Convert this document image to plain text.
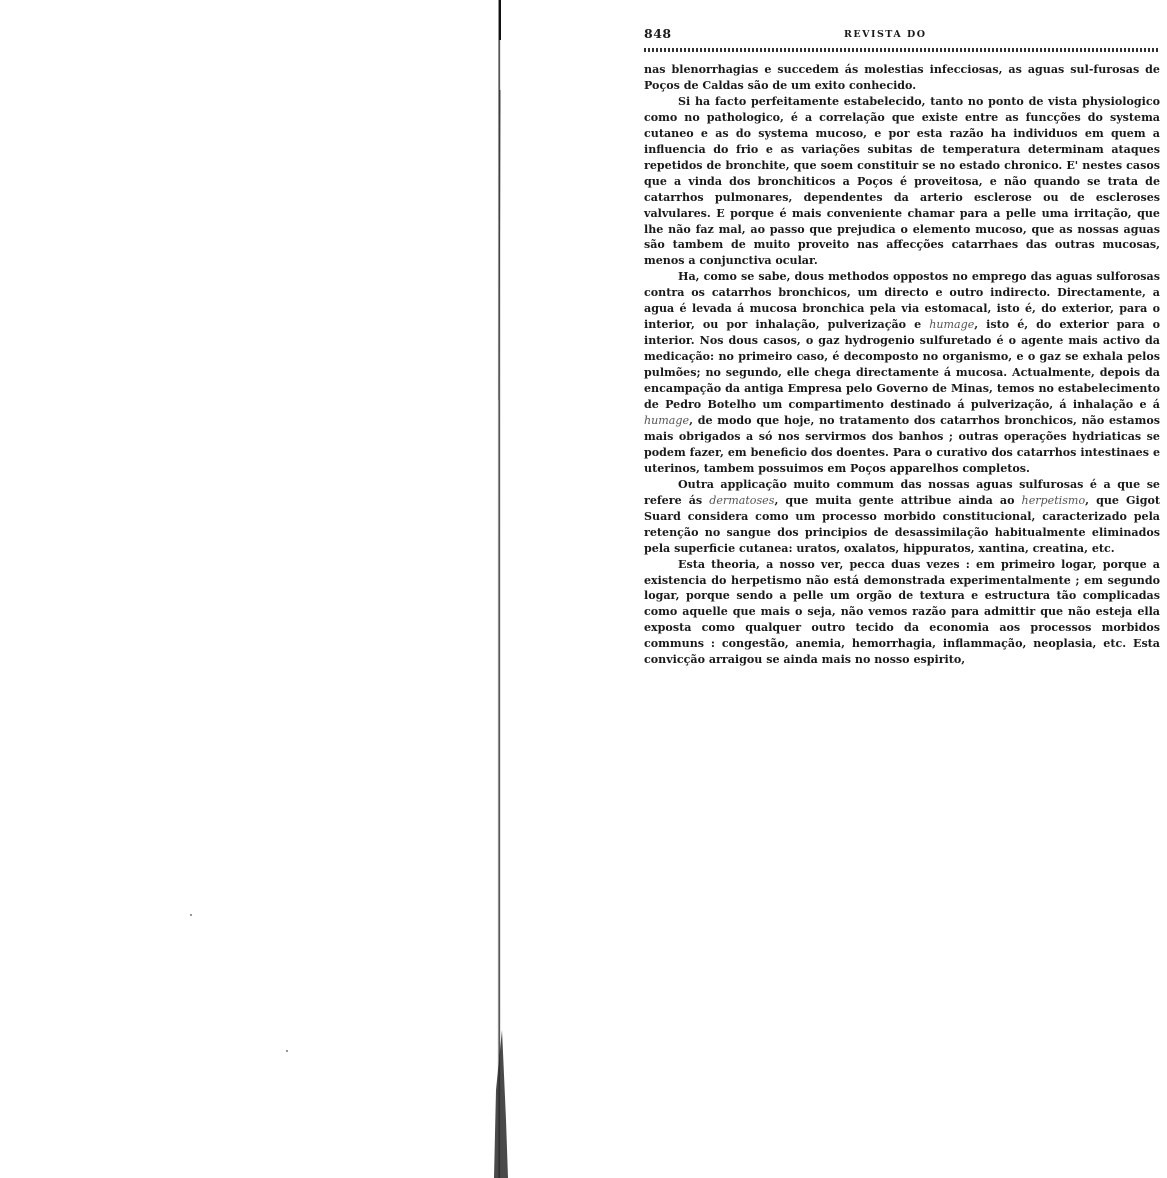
848	REVISTA DO

nas blenorrhagias e succedem ás molestias infecciosas, as aguas sul-furosas de Poços de Caldas são de um exito conhecido.

Si ha facto perfeitamente estabelecido, tanto no ponto de vista physiologico como no pathologico, é a correlação que existe entre as funcções do systema cutaneo e as do systema mucoso, e por esta razão ha individuos em quem a influencia do frio e as variações subitas de temperatura determinam ataques repetidos de bronchite, que soem constituir se no estado chronico. E' nestes casos que a vinda dos bronchiticos a Poços é proveitosa, e não quando se trata de catarrhos pulmonares, dependentes da arterio esclerose ou de escleroses valvulares. E porque é mais conveniente chamar para a pelle uma irritação, que lhe não faz mal, ao passo que prejudica o elemento mucoso, que as nossas aguas são tambem de muito proveito nas affecções catarrhaes das outras mucosas, menos a conjunctiva ocular.

Ha, como se sabe, dous methodos oppostos no emprego das aguas sulforosas contra os catarrhos bronchicos, um directo e outro indirecto. Directamente, a agua é levada á mucosa bronchica pela via estomacal, isto é, do exterior, para o interior, ou por inhalação, pulverização e humage, isto é, do exterior para o interior. Nos dous casos, o gaz hydrogenio sulfuretado é o agente mais activo da medicação: no primeiro caso, é decomposto no organismo, e o gaz se exhala pelos pulmões; no segundo, elle chega directamente á mucosa. Actualmente, depois da encampação da antiga Empresa pelo Governo de Minas, temos no estabelecimento de Pedro Botelho um compartimento destinado á pulverização, á inhalação e á humage, de modo que hoje, no tratamento dos catarrhos bronchicos, não estamos mais obrigados a só nos servirmos dos banhos ; outras operações hydriaticas se podem fazer, em beneficio dos doentes. Para o curativo dos catarrhos intestinaes e uterinos, tambem possuimos em Poços apparelhos completos.

Outra applicação muito commum das nossas aguas sulfurosas é a que se refere ás dermatoses, que muita gente attribue ainda ao herpetismo, que Gigot Suard considera como um processo morbido constitucional, caracterizado pela retenção no sangue dos principios de desassimilação habitualmente eliminados pela superficie cutanea: uratos, oxalatos, hippuratos, xantina, creatina, etc.

Esta theoria, a nosso ver, pecca duas vezes : em primeiro logar, porque a existencia do herpetismo não está demonstrada experimentalmente ; em segundo logar, porque sendo a pelle um orgão de textura e estructura tão complicadas como aquelle que mais o seja, não vemos razão para admittir que não esteja ella exposta como qualquer outro tecido da economia aos processos morbidos communs : congestão, anemia, hemorrhagia, inflammação, neoplasia, etc. Esta convicção arraigou se ainda mais no nosso espirito,
